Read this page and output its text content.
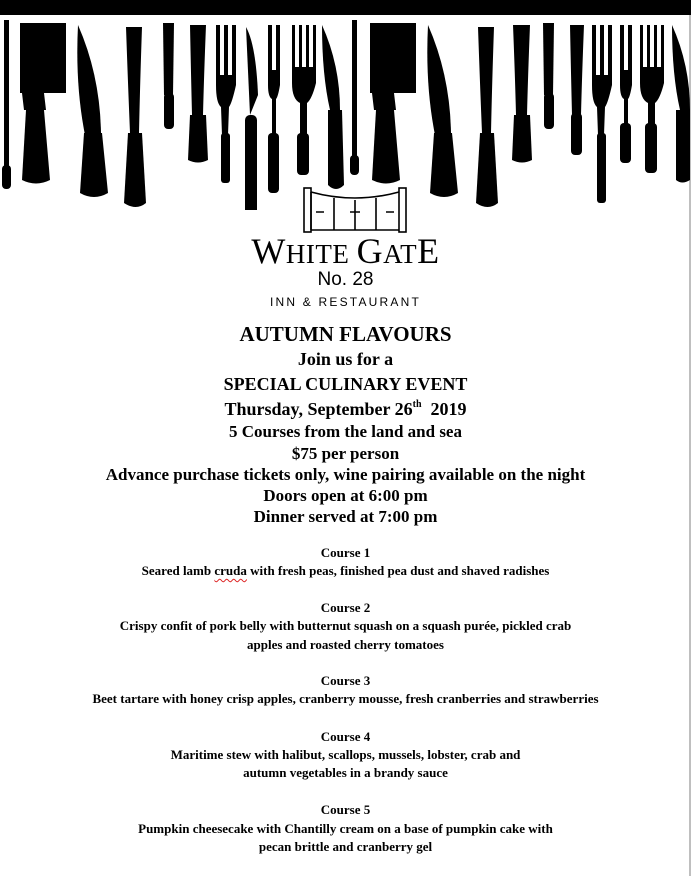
WHITE GATE
No. 28
INN & RESTAURANT
AUTUMN FLAVOURS
Join us for a
SPECIAL CULINARY EVENT
Thursday, September 26th 2019
5 Courses from the land and sea
$75 per person
Advance purchase tickets only, wine pairing available on the night
Doors open at 6:00 pm
Dinner served at 7:00 pm
Course 1
Seared lamb cruda with fresh peas, finished pea dust and shaved radishes
Course 2
Crispy confit of pork belly with butternut squash on a squash purée, pickled crab
apples and roasted cherry tomatoes
Course 3
Beet tartare with honey crisp apples, cranberry mousse, fresh cranberries and strawberries
Course 4
Maritime stew with halibut, scallops, mussels, lobster, crab and
autumn vegetables in a brandy sauce
Course 5
Pumpkin cheesecake with Chantilly cream on a base of pumpkin cake with
pecan brittle and cranberry gel
